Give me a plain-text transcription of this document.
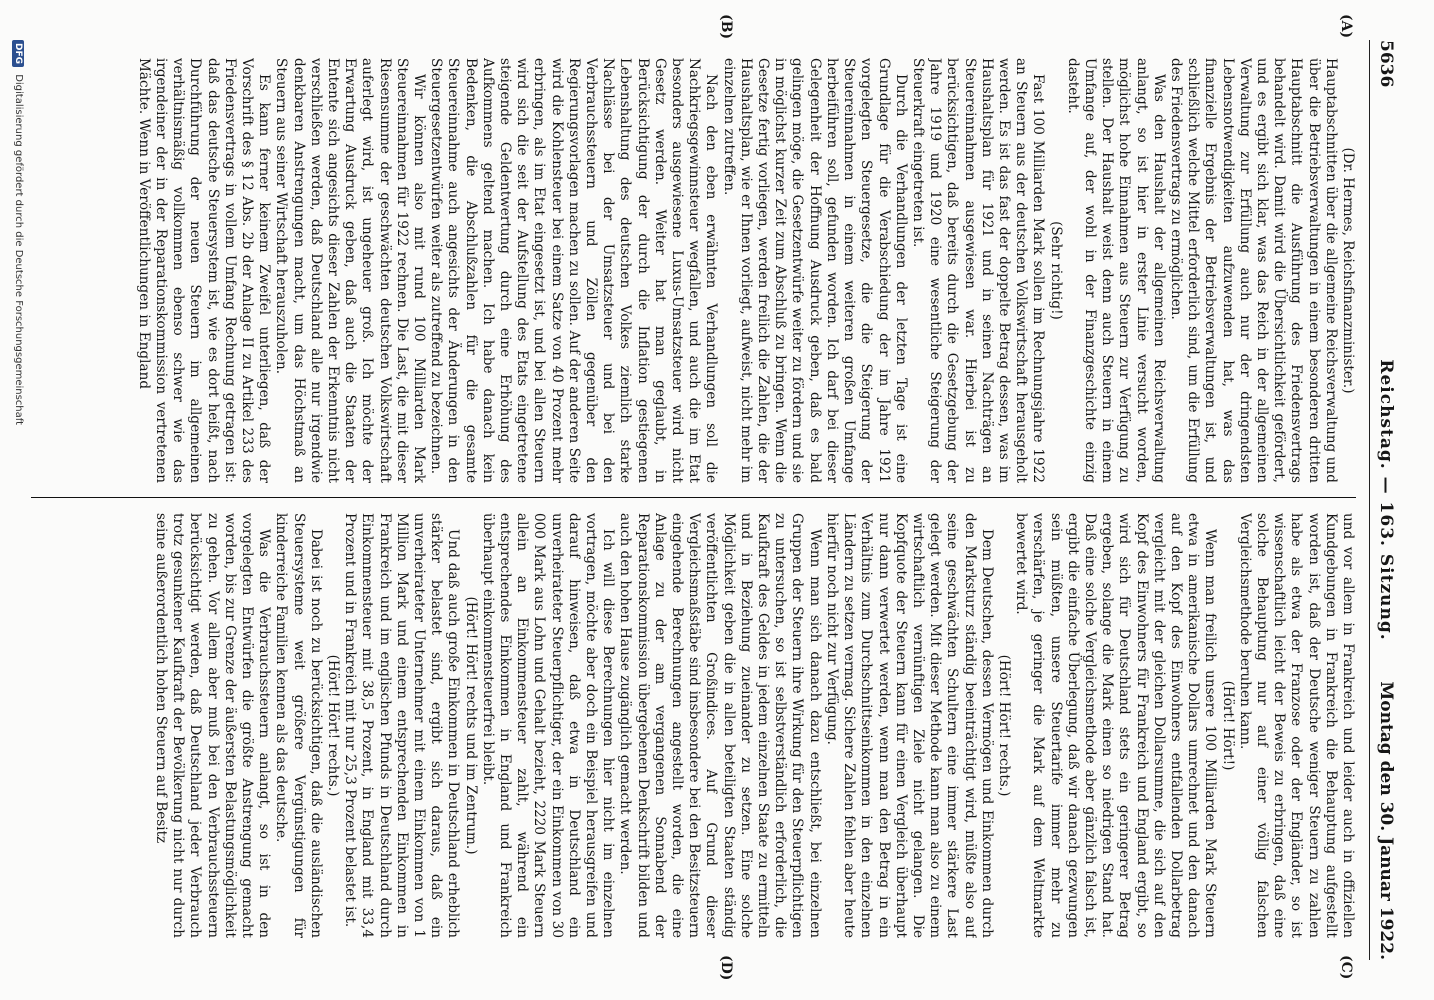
5636
Reichstag. — 163. Sitzung.
Montag den 30. Januar 1922.
(A)
(B)
(C)
(D)

(Dr. Hermes, Reichsfinanzminister.)

Hauptabschnitten über die allgemeine Reichsverwaltung und über die Betriebsverwaltungen in einem besonderen dritten Hauptabschnitt die Ausführung des Friedensvertrags behandelt wird. Damit wird die Übersichtlichkeit gefördert, und es ergibt sich klar, was das Reich in der allgemeinen Verwaltung zur Erfüllung auch nur der dringendsten Lebensnotwendigkeiten aufzuwenden hat, was das finanzielle Ergebnis der Betriebsverwaltungen ist, und schließlich welche Mittel erforderlich sind, um die Erfüllung des Friedensvertrags zu ermöglichen.

Was den Haushalt der allgemeinen Reichsverwaltung anlangt, so ist hier in erster Linie versucht worden, möglichst hohe Einnahmen aus Steuern zur Verfügung zu stellen. Der Haushalt weist denn auch Steuern in einem Umfange auf, der wohl in der Finanzgeschichte einzig dasteht.

(Sehr richtig!)

Fast 100 Milliarden Mark sollen im Rechnungsjahre 1922 an Steuern aus der deutschen Volkswirtschaft herausgeholt werden. Es ist das fast der doppelte Betrag dessen, was im Haushaltsplan für 1921 und in seinen Nachträgen an Steuereinnahmen ausgewiesen war. Hierbei ist zu berücksichtigen, daß bereits durch die Gesetzgebung der Jahre 1919 und 1920 eine wesentliche Steigerung der Steuerkraft eingetreten ist.

Durch die Verhandlungen der letzten Tage ist eine Grundlage für die Verabschiedung der im Jahre 1921 vorgelegten Steuergesetze, die die Steigerung der Steuereinnahmen in einem weiteren großen Umfange herbeiführen soll, gefunden worden. Ich darf bei dieser Gelegenheit der Hoffnung Ausdruck geben, daß es bald gelingen möge, die Gesetzentwürfe weiter zu fördern und sie in möglichst kurzer Zeit zum Abschluß zu bringen. Wenn die Gesetze fertig vorliegen, werden freilich die Zahlen, die der Haushaltsplan, wie er Ihnen vorliegt, aufweist, nicht mehr im einzelnen zutreffen.

Nach den eben erwähnten Verhandlungen soll die Nachkriegsgewinnsteuer wegfallen, und auch die im Etat besonders ausgewiesene Luxus-Umsatzsteuer wird nicht Gesetz werden. Weiter hat man geglaubt, in Berücksichtigung der durch die Inflation gestiegenen Lebenshaltung des deutschen Volkes ziemlich starke Nachlässe bei der Umsatzsteuer und bei den Verbrauchssteuern und Zöllen gegenüber den Regierungsvorlagen machen zu sollen. Auf der anderen Seite wird die Kohlensteuer bei einem Satze von 40 Prozent mehr erbringen, als im Etat eingesetzt ist, und bei allen Steuern wird sich die seit der Aufstellung des Etats eingetretene steigende Geldentwertung durch eine Erhöhung des Aufkommens geltend machen. Ich habe danach kein Bedenken, die Abschlußzahlen für die gesamte Steuereinnahme auch angesichts der Änderungen in den Steuergesetzentwürfen weiter als zutreffend zu bezeichnen.

Wir können also mit rund 100 Milliarden Mark Steuereinnahmen für 1922 rechnen. Die Last, die mit dieser Riesensumme der geschwächten deutschen Volkswirtschaft auferlegt wird, ist ungeheuer groß. Ich möchte der Erwartung Ausdruck geben, daß auch die Staaten der Entente sich angesichts dieser Zahlen der Erkenntnis nicht verschließen werden, daß Deutschland alle nur irgendwie denkbaren Anstrengungen macht, um das Höchstmaß an Steuern aus seiner Wirtschaft herauszuholen.

Es kann ferner keinem Zweifel unterliegen, daß der Vorschrift des § 12 Abs. 2b der Anlage II zu Artikel 233 des Friedensvertrags in vollem Umfang Rechnung getragen ist: daß das deutsche Steuersystem ist, wie es dort heißt, nach Durchführung der neuen Steuern im allgemeinen verhältnismäßig vollkommen ebenso schwer wie das irgendeiner der in der Reparationskommission vertretenen Mächte. Wenn in Veröffentlichungen in England

und vor allem in Frankreich und leider auch in offiziellen Kundgebungen in Frankreich die Behauptung aufgestellt worden ist, daß der Deutsche weniger Steuern zu zahlen habe als etwa der Franzose oder der Engländer, so ist wissenschaftlich leicht der Beweis zu erbringen, daß eine solche Behauptung nur auf einer völlig falschen Vergleichsmethode beruhen kann.

(Hört! Hört!)

Wenn man freilich unsere 100 Milliarden Mark Steuern etwa in amerikanische Dollars umrechnet und den danach auf den Kopf des Einwohners entfallenden Dollarbetrag vergleicht mit der gleichen Dollarsumme, die sich auf den Kopf des Einwohners für Frankreich und England ergibt, so wird sich für Deutschland stets ein geringerer Betrag ergeben, solange die Mark einen so niedrigen Stand hat. Daß eine solche Vergleichsmethode aber gänzlich falsch ist, ergibt die einfache Überlegung, daß wir danach gezwungen sein müßten, unsere Steuertarife immer mehr zu verschärfen, je geringer die Mark auf dem Weltmarkte bewertet wird.

(Hört! Hört! rechts.)

Dem Deutschen, dessen Vermögen und Einkommen durch den Marksturz ständig beeinträchtigt wird, müßte also auf seine geschwächten Schultern eine immer stärkere Last gelegt werden. Mit dieser Methode kann man also zu einem wirtschaftlich vernünftigen Ziele nicht gelangen. Die Kopfquote der Steuern kann für einen Vergleich überhaupt nur dann verwertet werden, wenn man den Betrag in ein Verhältnis zum Durchschnittseinkommen in den einzelnen Ländern zu setzen vermag. Sichere Zahlen fehlen aber heute hierfür noch nicht zur Verfügung.

Wenn man sich danach dazu entschließt, bei einzelnen Gruppen der Steuern ihre Wirkung für den Steuerpflichtigen zu untersuchen, so ist selbstverständlich erforderlich, die Kaufkraft des Geldes in jedem einzelnen Staate zu ermitteln und in Beziehung zueinander zu setzen. Eine solche Möglichkeit geben die in allen beteiligten Staaten ständig veröffentlichten Großindices. Auf Grund dieser Vergleichsmaßstäbe sind insbesondere bei den Besitzsteuern eingehende Berechnungen angestellt worden, die eine Anlage zu der am vergangenen Sonnabend der Reparationskommission übergebenen Denkschrift bilden und auch den hohen Hause zugänglich gemacht werden.

Ich will diese Berechnungen hier nicht im einzelnen vortragen, möchte aber doch ein Beispiel herausgreifen und darauf hinweisen, daß etwa in Deutschland ein unverheirateter Steuerpflichtiger, der ein Einkommen von 30 000 Mark aus Lohn und Gehalt bezieht, 2220 Mark Steuern allein an Einkommensteuer zahlt, während ein entsprechendes Einkommen in England und Frankreich überhaupt einkommensteuerfrei bleibt.

(Hört! Hört! rechts und im Zentrum.)

Und daß auch große Einkommen in Deutschland erheblich stärker belastet sind, ergibt sich daraus, daß ein unverheirateter Unternehmer mit einem Einkommen von 1 Million Mark und einem entsprechenden Einkommen in Frankreich und im englischen Pfunds in Deutschland durch Einkommensteuer mit 38,5 Prozent, in England mit 33,4 Prozent und in Frankreich mit nur 25,3 Prozent belastet ist.

(Hört! Hört! rechts.)

Dabei ist noch zu berücksichtigen, daß die ausländischen Steuersysteme weit größere Vergünstigungen für kinderreiche Familien kennen als das deutsche.

Was die Verbrauchssteuern anlangt, so ist in den vorgelegten Entwürfen die größte Anstrengung gemacht worden, bis zur Grenze der äußersten Belastungsmöglichkeit zu gehen. Vor allem aber muß bei den Verbrauchssteuern berücksichtigt werden, daß Deutschland jeder Verbrauch trotz gesunkener Kaufkraft der Bevölkerung nicht nur durch seine außerordentlich hohen Steuern auf Besitz

DFG Digitalisierung gefördert durch die Deutsche Forschungsgemeinschaft
